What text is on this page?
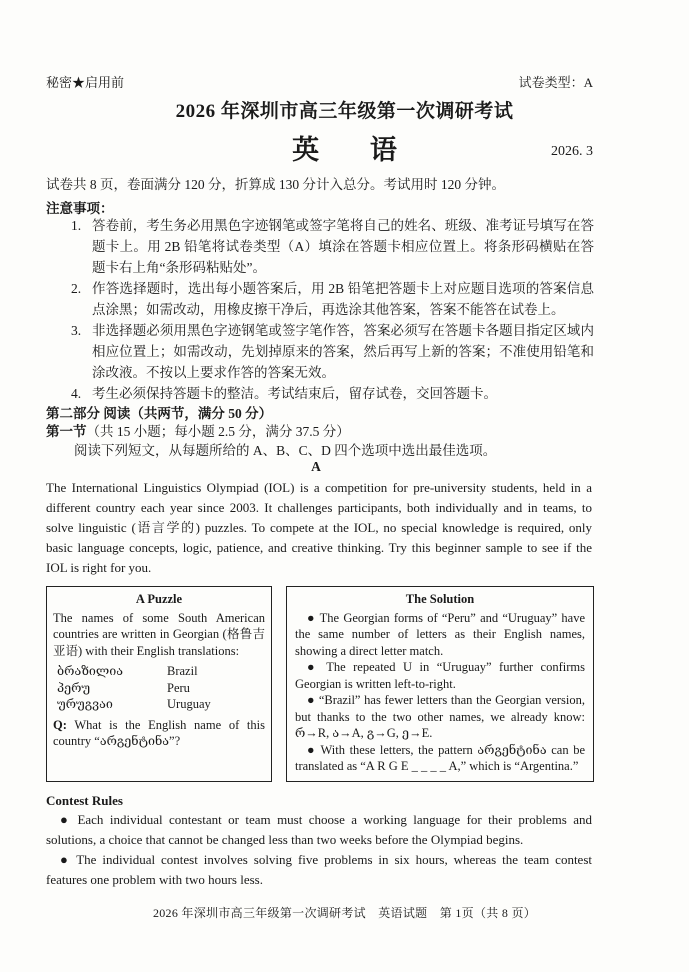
秘密★启用前	试卷类型：A
2026 年深圳市高三年级第一次调研考试
英 语	2026. 3
试卷共 8 页，卷面满分 120 分，折算成 130 分计入总分。考试用时 120 分钟。
注意事项：
1. 答卷前，考生务必用黑色字迹钢笔或签字笔将自己的姓名、班级、准考证号填写在答题卡上。用 2B 铅笔将试卷类型（A）填涂在答题卡相应位置上。将条形码横贴在答题卡右上角“条形码粘贴处”。
2. 作答选择题时，选出每小题答案后，用 2B 铅笔把答题卡上对应题目选项的答案信息点涂黑；如需改动，用橡皮擦干净后，再选涂其他答案，答案不能答在试卷上。
3. 非选择题必须用黑色字迹钢笔或签字笔作答，答案必须写在答题卡各题目指定区域内相应位置上；如需改动，先划掉原来的答案，然后再写上新的答案；不准使用铅笔和涂改液。不按以上要求作答的答案无效。
4. 考生必须保持答题卡的整洁。考试结束后，留存试卷，交回答题卡。
第二部分 阅读（共两节，满分 50 分）
第一节（共 15 小题；每小题 2.5 分，满分 37.5 分）
阅读下列短文，从每题所给的 A、B、C、D 四个选项中选出最佳选项。
A
The International Linguistics Olympiad (IOL) is a competition for pre-university students, held in a different country each year since 2003. It challenges participants, both individually and in teams, to solve linguistic (语言学的) puzzles. To compete at the IOL, no special knowledge is required, only basic language concepts, logic, patience, and creative thinking. Try this beginner sample to see if the IOL is right for you.
A Puzzle
The names of some South American countries are written in Georgian (格鲁吉亚语) with their English translations:
ბრაზილია	Brazil
პერუ	Peru
ურუგვაი	Uruguay
Q: What is the English name of this country “არგენტინა”?
The Solution
● The Georgian forms of “Peru” and “Uruguay” have the same number of letters as their English names, showing a direct letter match.
● The repeated U in “Uruguay” further confirms Georgian is written left-to-right.
● “Brazil” has fewer letters than the Georgian version, but thanks to the two other names, we already know: რ→R, ა→A, გ→G, ე→E.
● With these letters, the pattern არგენტინა can be translated as “A R G E _ _ _ _ A,” which is “Argentina.”
Contest Rules
● Each individual contestant or team must choose a working language for their problems and solutions, a choice that cannot be changed less than two weeks before the Olympiad begins.
● The individual contest involves solving five problems in six hours, whereas the team contest features one problem with two hours less.
2026 年深圳市高三年级第一次调研考试　英语试题　第 1页（共 8 页）
